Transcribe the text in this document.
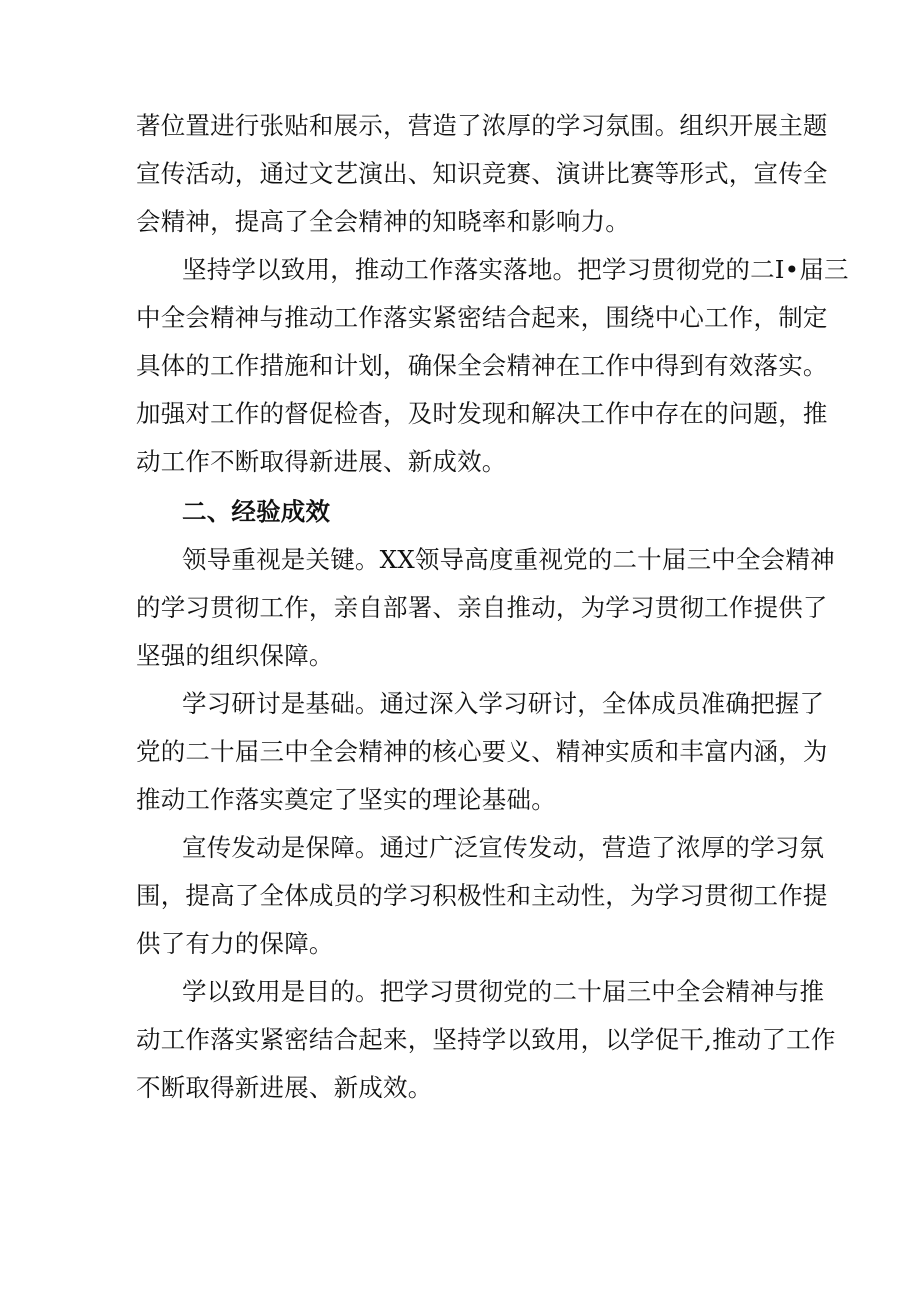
著位置进行张贴和展示，营造了浓厚的学习氛围。组织开展主题
宣传活动，通过文艺演出、知识竞赛、演讲比赛等形式，宣传全
会精神，提高了全会精神的知晓率和影响力。
坚持学以致用，推动工作落实落地。把学习贯彻党的二I•届三
中全会精神与推动工作落实紧密结合起来，围绕中心工作，制定
具体的工作措施和计划，确保全会精神在工作中得到有效落实。
加强对工作的督促检杳，及时发现和解决工作中存在的问题，推
动工作不断取得新进展、新成效。
二、经验成效
领导重视是关键。XX领导高度重视党的二十届三中全会精神
的学习贯彻工作，亲自部署、亲自推动，为学习贯彻工作提供了
坚强的组织保障。
学习研讨是基础。通过深入学习研讨，全体成员准确把握了
党的二十届三中全会精神的核心要义、精神实质和丰富内涵，为
推动工作落实奠定了坚实的理论基础。
宣传发动是保障。通过广泛宣传发动，营造了浓厚的学习氛
围，提高了全体成员的学习积极性和主动性，为学习贯彻工作提
供了有力的保障。
学以致用是目的。把学习贯彻党的二十届三中全会精神与推
动工作落实紧密结合起来，坚持学以致用，以学促干,推动了工作
不断取得新进展、新成效。
